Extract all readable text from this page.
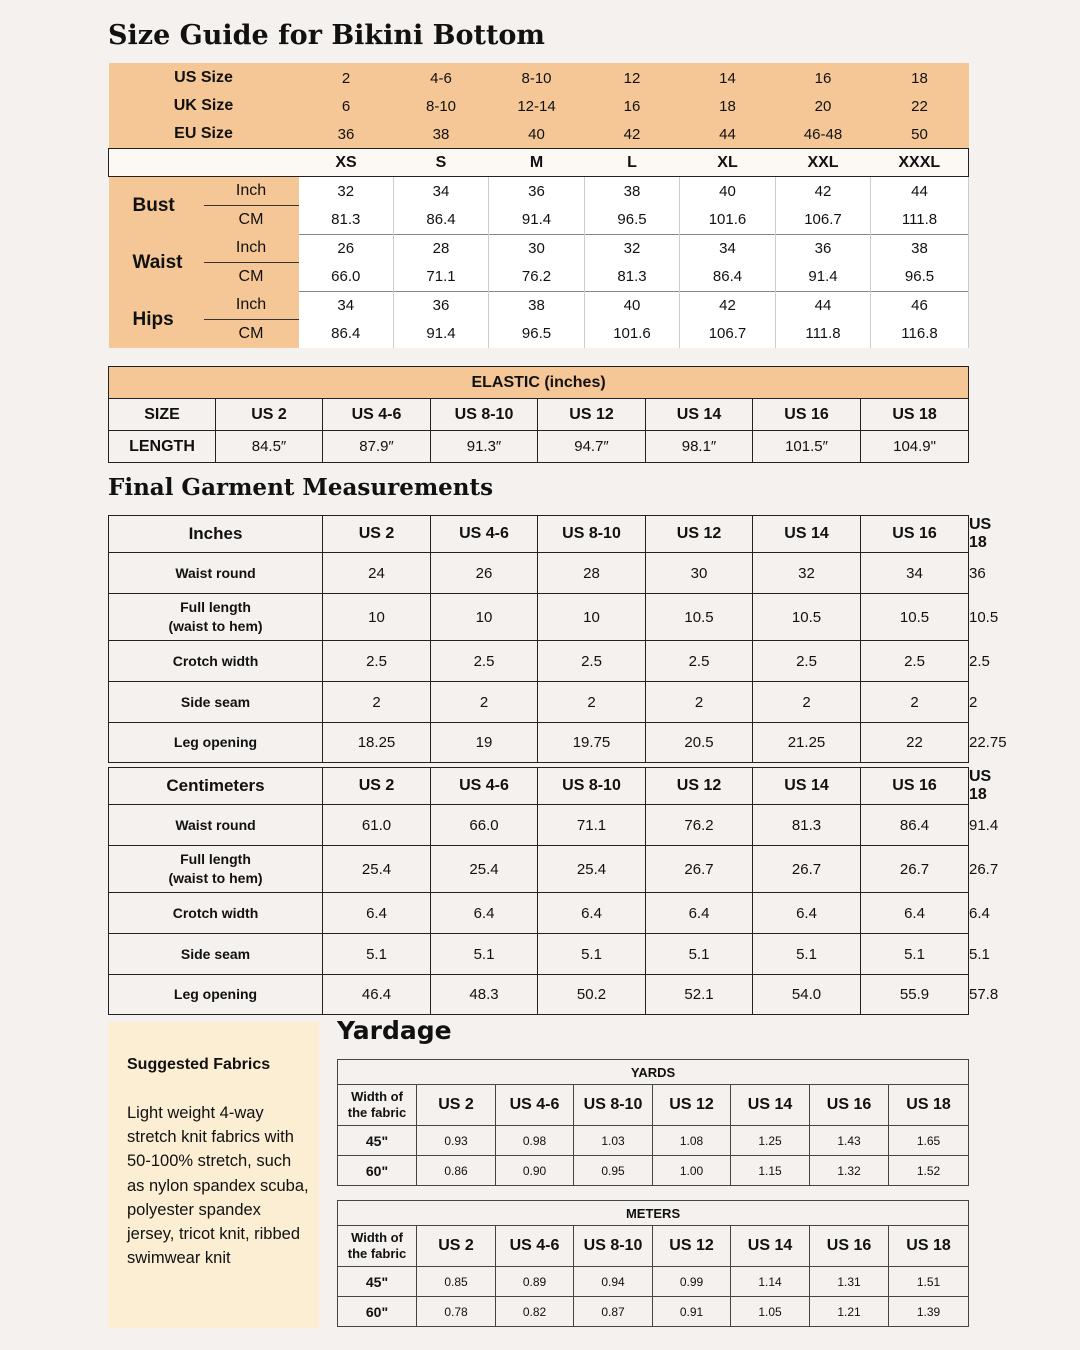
Size Guide for Bikini Bottom
US Size		2	4-6	8-10	12	14	16	18
UK Size		6	8-10	12-14	16	18	20	22
EU Size		36	38	40	42	44	46-48	50
		XS	S	M	L	XL	XXL	XXXL
Bust	Inch	32	34	36	38	40	42	44
	CM	81.3	86.4	91.4	96.5	101.6	106.7	111.8
Waist	Inch	26	28	30	32	34	36	38
	CM	66.0	71.1	76.2	81.3	86.4	91.4	96.5
Hips	Inch	34	36	38	40	42	44	46
	CM	86.4	91.4	96.5	101.6	106.7	111.8	116.8
ELASTIC (inches)							
SIZE	US 2	US 4-6	US 8-10	US 12	US 14	US 16	US 18
LENGTH	84.5″	87.9″	91.3″	94.7″	98.1″	101.5″	104.9"
Final Garment Measurements
Inches	US 2	US 4-6	US 8-10	US 12	US 14	US 16	US 18
Waist round	24	26	28	30	32	34	36
Full length
(waist to hem)	10	10	10	10.5	10.5	10.5	10.5
Crotch width	2.5	2.5	2.5	2.5	2.5	2.5	2.5
Side seam	2	2	2	2	2	2	2
Leg opening	18.25	19	19.75	20.5	21.25	22	22.75
Centimeters	US 2	US 4-6	US 8-10	US 12	US 14	US 16	US 18
Waist round	61.0	66.0	71.1	76.2	81.3	86.4	91.4
Full length
(waist to hem)	25.4	25.4	25.4	26.7	26.7	26.7	26.7
Crotch width	6.4	6.4	6.4	6.4	6.4	6.4	6.4
Side seam	5.1	5.1	5.1	5.1	5.1	5.1	5.1
Leg opening	46.4	48.3	50.2	52.1	54.0	55.9	57.8
Suggested Fabrics
Light weight 4-way stretch knit fabrics with 50-100% stretch, such as nylon spandex scuba, polyester spandex jersey, tricot knit, ribbed swimwear knit
Yardage
YARDS							
Width of
the fabric	US 2	US 4-6	US 8-10	US 12	US 14	US 16	US 18
45"	0.93	0.98	1.03	1.08	1.25	1.43	1.65
60"	0.86	0.90	0.95	1.00	1.15	1.32	1.52
METERS							
Width of
the fabric	US 2	US 4-6	US 8-10	US 12	US 14	US 16	US 18
45"	0.85	0.89	0.94	0.99	1.14	1.31	1.51
60"	0.78	0.82	0.87	0.91	1.05	1.21	1.39
